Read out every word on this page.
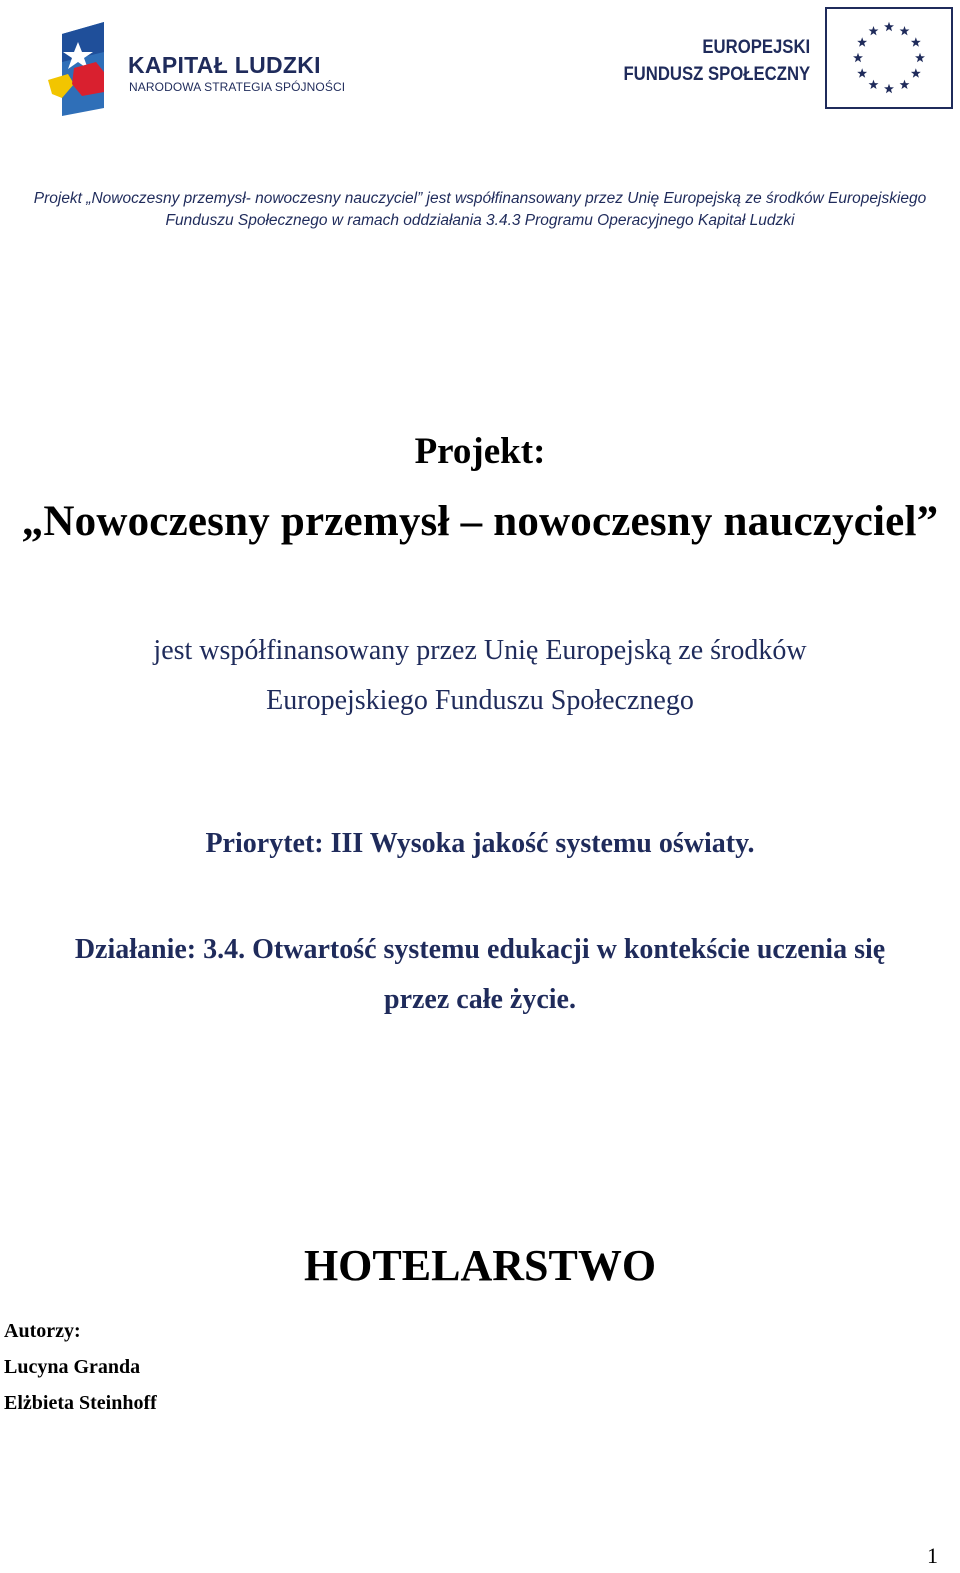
KAPITAŁ LUDZKI
NARODOWA STRATEGIA SPÓJNOŚCI
EUROPEJSKI
FUNDUSZ SPOŁECZNY
Projekt „Nowoczesny przemysł- nowoczesny nauczyciel” jest współfinansowany przez Unię Europejską ze środków Europejskiego
Funduszu Społecznego w ramach oddziałania 3.4.3 Programu Operacyjnego Kapitał Ludzki
Projekt:
„Nowoczesny przemysł – nowoczesny nauczyciel”
jest współfinansowany przez Unię Europejską ze środków
Europejskiego Funduszu Społecznego
Priorytet: III Wysoka jakość systemu oświaty.
Działanie: 3.4. Otwartość systemu edukacji w kontekście uczenia się
przez całe życie.
HOTELARSTWO
Autorzy:
Lucyna Granda
Elżbieta Steinhoff
1
